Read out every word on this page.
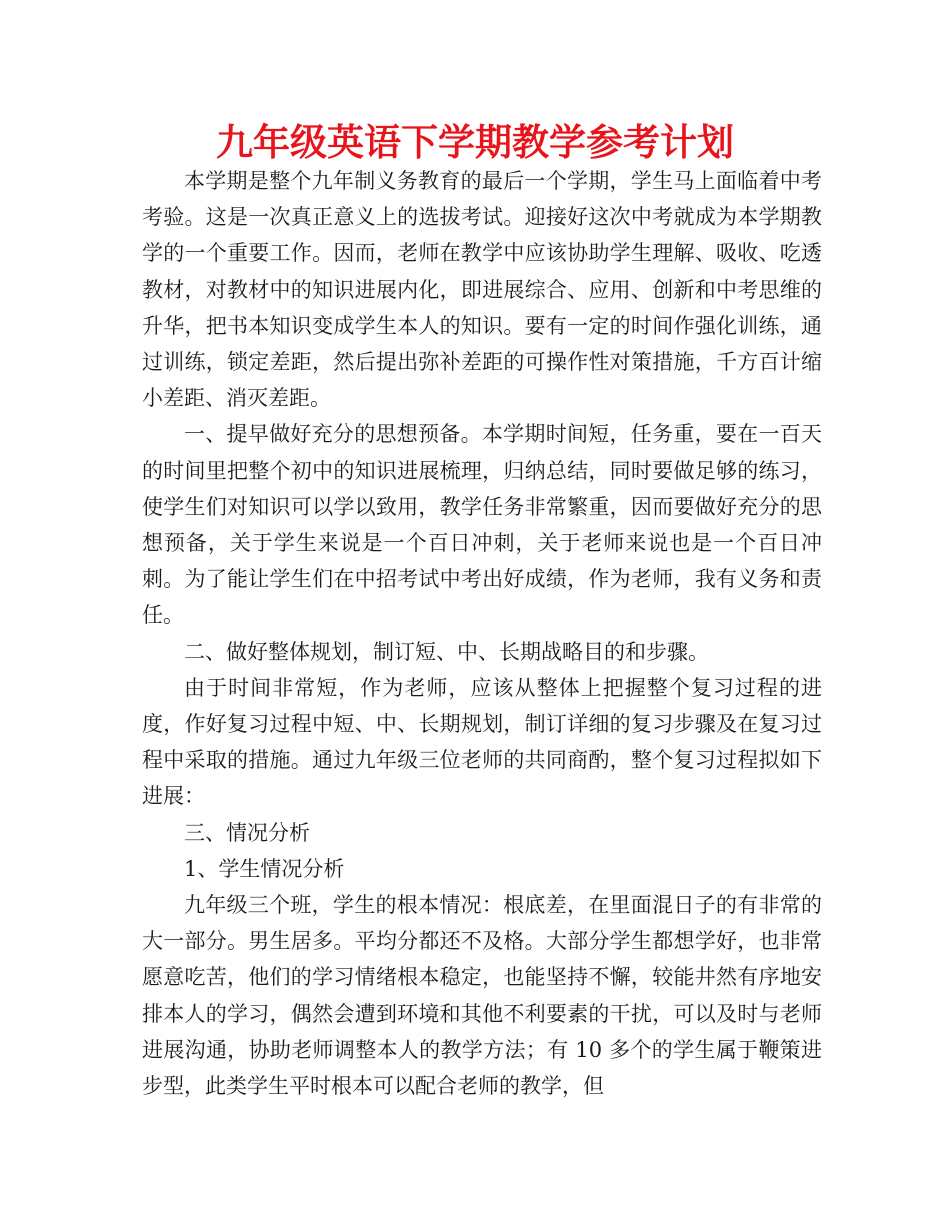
九年级英语下学期教学参考计划

本学期是整个九年制义务教育的最后一个学期，学生马上面临着中考考验。这是一次真正意义上的选拔考试。迎接好这次中考就成为本学期教学的一个重要工作。因而，老师在教学中应该协助学生理解、吸收、吃透教材，对教材中的知识进展内化，即进展综合、应用、创新和中考思维的升华，把书本知识变成学生本人的知识。要有一定的时间作强化训练，通过训练，锁定差距，然后提出弥补差距的可操作性对策措施，千方百计缩小差距、消灭差距。

一、提早做好充分的思想预备。本学期时间短，任务重，要在一百天的时间里把整个初中的知识进展梳理，归纳总结，同时要做足够的练习，使学生们对知识可以学以致用，教学任务非常繁重，因而要做好充分的思想预备，关于学生来说是一个百日冲刺，关于老师来说也是一个百日冲刺。为了能让学生们在中招考试中考出好成绩，作为老师，我有义务和责任。

二、做好整体规划，制订短、中、长期战略目的和步骤。

由于时间非常短，作为老师，应该从整体上把握整个复习过程的进度，作好复习过程中短、中、长期规划，制订详细的复习步骤及在复习过程中采取的措施。通过九年级三位老师的共同商酌，整个复习过程拟如下进展：

三、情况分析

1、学生情况分析

九年级三个班，学生的根本情况：根底差，在里面混日子的有非常的大一部分。男生居多。平均分都还不及格。大部分学生都想学好，也非常愿意吃苦，他们的学习情绪根本稳定，也能坚持不懈，较能井然有序地安排本人的学习，偶然会遭到环境和其他不利要素的干扰，可以及时与老师进展沟通，协助老师调整本人的教学方法；有 10 多个的学生属于鞭策进步型，此类学生平时根本可以配合老师的教学，但
